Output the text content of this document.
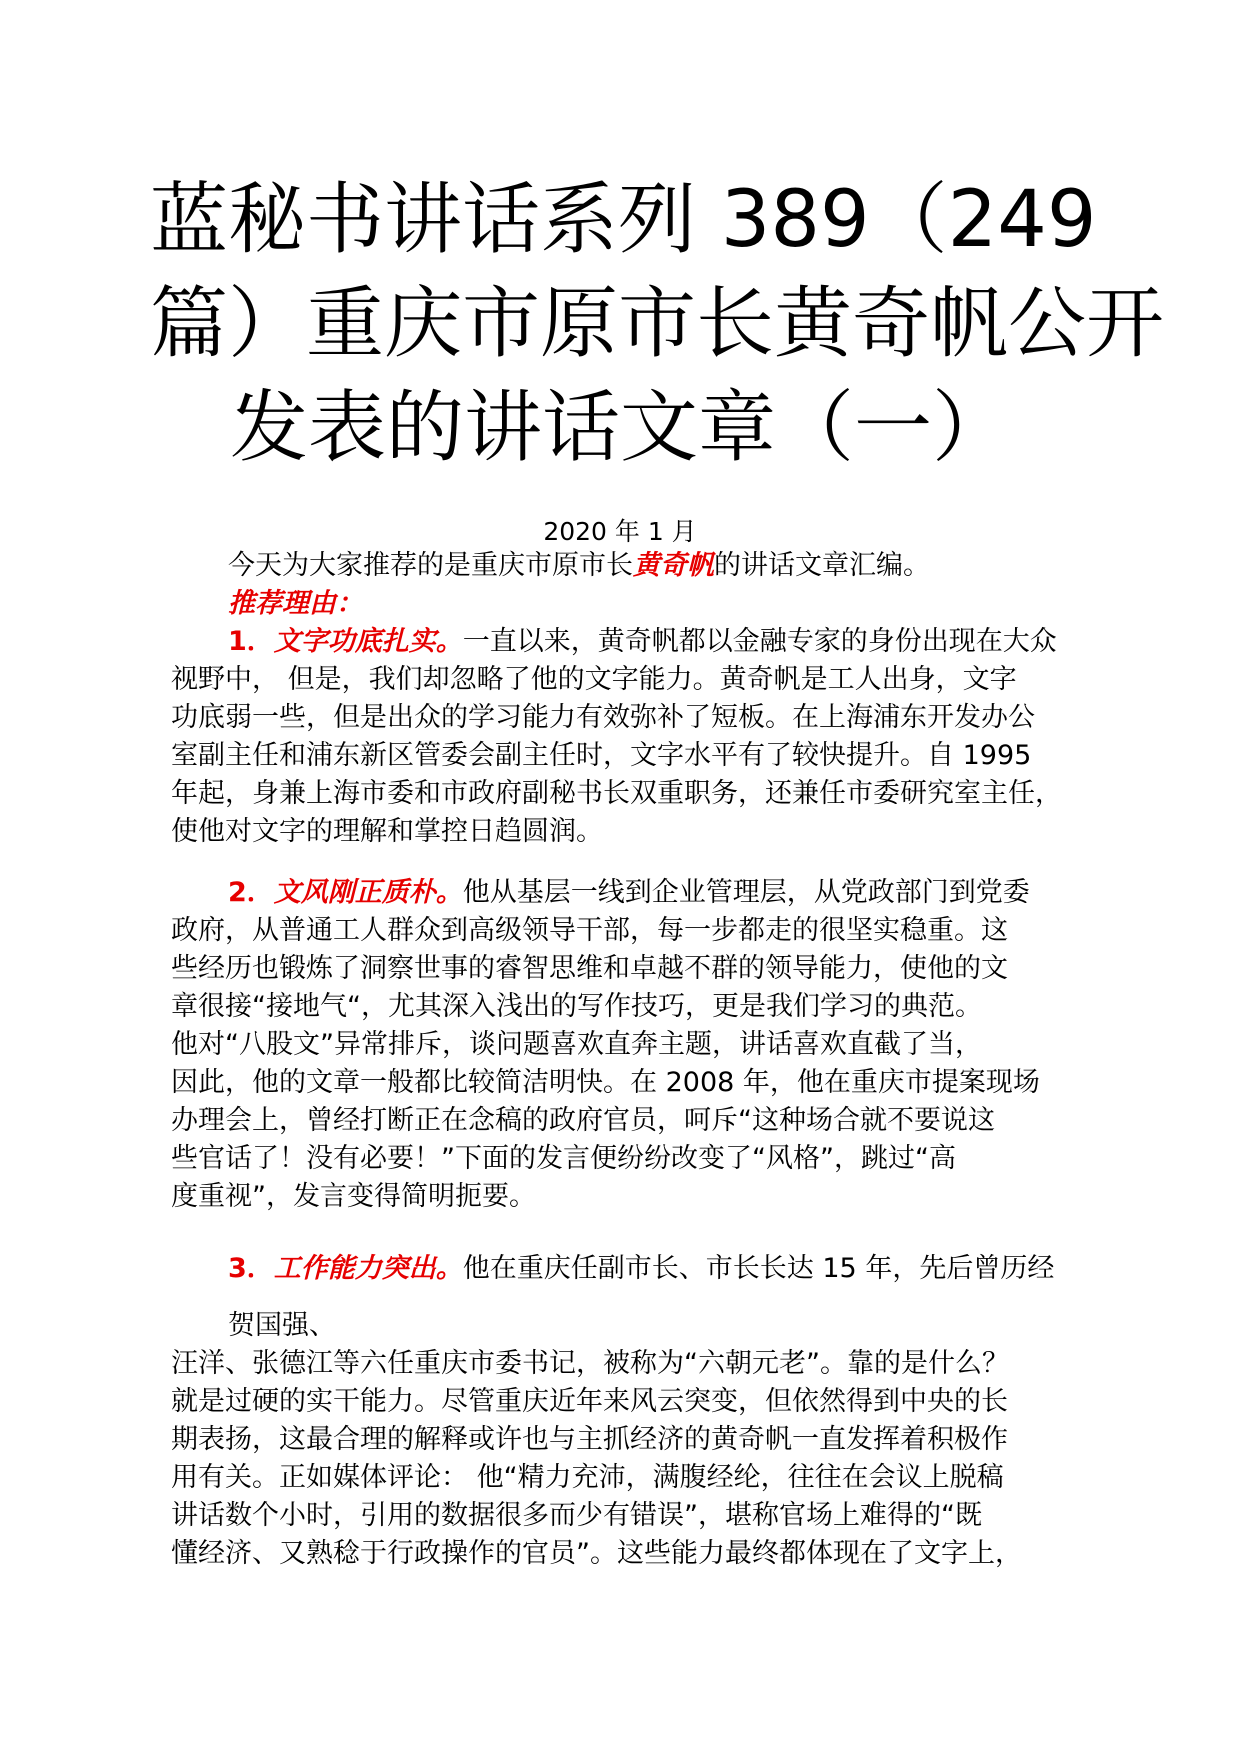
蓝秘书讲话系列 389（249
篇）重庆市原市长黄奇帆公开
发表的讲话文章（一）
2020 年 1 月
今天为大家推荐的是重庆市原市长黄奇帆的讲话文章汇编。
推荐理由：
1．文字功底扎实。一直以来，黄奇帆都以金融专家的身份出现在大众
视野中， 但是，我们却忽略了他的文字能力。黄奇帆是工人出身，文字
功底弱一些，但是出众的学习能力有效弥补了短板。在上海浦东开发办公
室副主任和浦东新区管委会副主任时，文字水平有了较快提升。自 1995
年起，身兼上海市委和市政府副秘书长双重职务，还兼任市委研究室主任，
使他对文字的理解和掌控日趋圆润。
2．文风刚正质朴。他从基层一线到企业管理层，从党政部门到党委
政府，从普通工人群众到高级领导干部，每一步都走的很坚实稳重。这
些经历也锻炼了洞察世事的睿智思维和卓越不群的领导能力，使他的文
章很接“接地气“，尤其深入浅出的写作技巧，更是我们学习的典范。
他对“八股文”异常排斥，谈问题喜欢直奔主题，讲话喜欢直截了当，
因此，他的文章一般都比较简洁明快。在 2008 年，他在重庆市提案现场
办理会上，曾经打断正在念稿的政府官员，呵斥“这种场合就不要说这
些官话了！没有必要！”下面的发言便纷纷改变了“风格”，跳过“高
度重视”，发言变得简明扼要。
3．工作能力突出。他在重庆任副市长、市长长达 15 年，先后曾历经
贺国强、
汪洋、张德江等六任重庆市委书记，被称为“六朝元老”。靠的是什么？
就是过硬的实干能力。尽管重庆近年来风云突变，但依然得到中央的长
期表扬，这最合理的解释或许也与主抓经济的黄奇帆一直发挥着积极作
用有关。正如媒体评论： 他“精力充沛，满腹经纶，往往在会议上脱稿
讲话数个小时，引用的数据很多而少有错误”，堪称官场上难得的“既
懂经济、又熟稔于行政操作的官员”。这些能力最终都体现在了文字上，
